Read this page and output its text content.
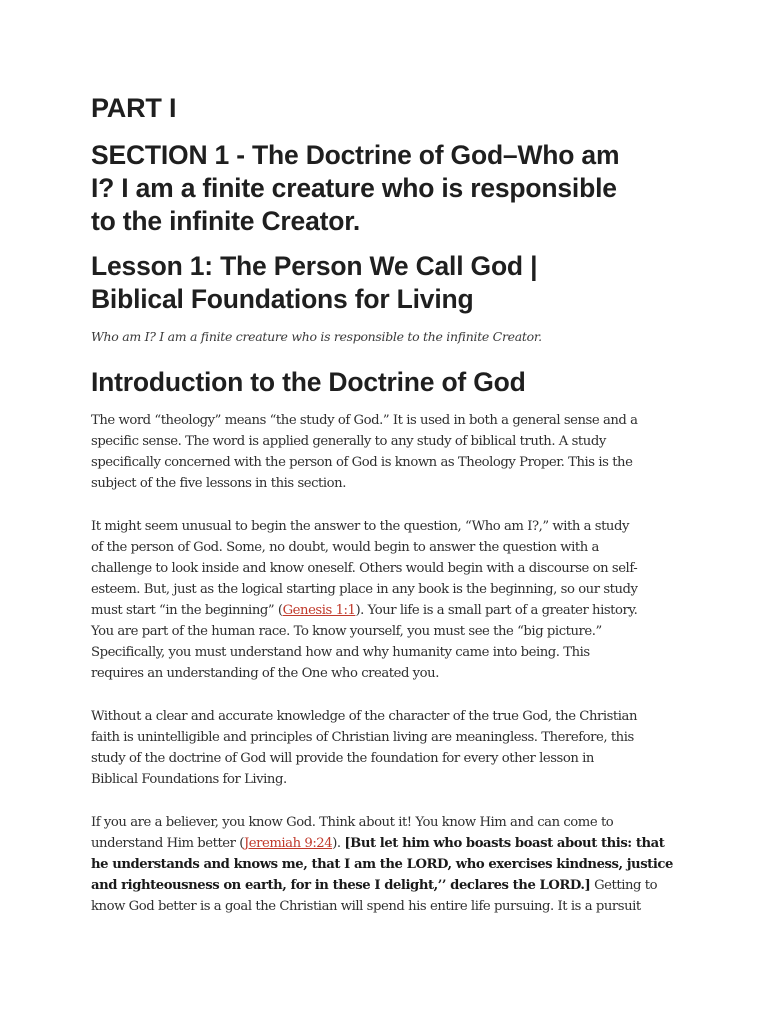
PART I
SECTION 1 - The Doctrine of God–Who am
I? I am a finite creature who is responsible
to the infinite Creator.
Lesson 1: The Person We Call God |
Biblical Foundations for Living

Who am I? I am a finite creature who is responsible to the infinite Creator.

Introduction to the Doctrine of God

The word “theology” means “the study of God.” It is used in both a general sense and a
specific sense. The word is applied generally to any study of biblical truth. A study
specifically concerned with the person of God is known as Theology Proper. This is the
subject of the five lessons in this section.

It might seem unusual to begin the answer to the question, “Who am I?,” with a study
of the person of God. Some, no doubt, would begin to answer the question with a
challenge to look inside and know oneself. Others would begin with a discourse on self-
esteem. But, just as the logical starting place in any book is the beginning, so our study
must start “in the beginning” (Genesis 1:1). Your life is a small part of a greater history.
You are part of the human race. To know yourself, you must see the “big picture.”
Specifically, you must understand how and why humanity came into being. This
requires an understanding of the One who created you.

Without a clear and accurate knowledge of the character of the true God, the Christian
faith is unintelligible and principles of Christian living are meaningless. Therefore, this
study of the doctrine of God will provide the foundation for every other lesson in
Biblical Foundations for Living.

If you are a believer, you know God. Think about it! You know Him and can come to
understand Him better (Jeremiah 9:24). [But let him who boasts boast about this: that
he understands and knows me, that I am the LORD, who exercises kindness, justice
and righteousness on earth, for in these I delight,’’ declares the LORD.] Getting to
know God better is a goal the Christian will spend his entire life pursuing. It is a pursuit
